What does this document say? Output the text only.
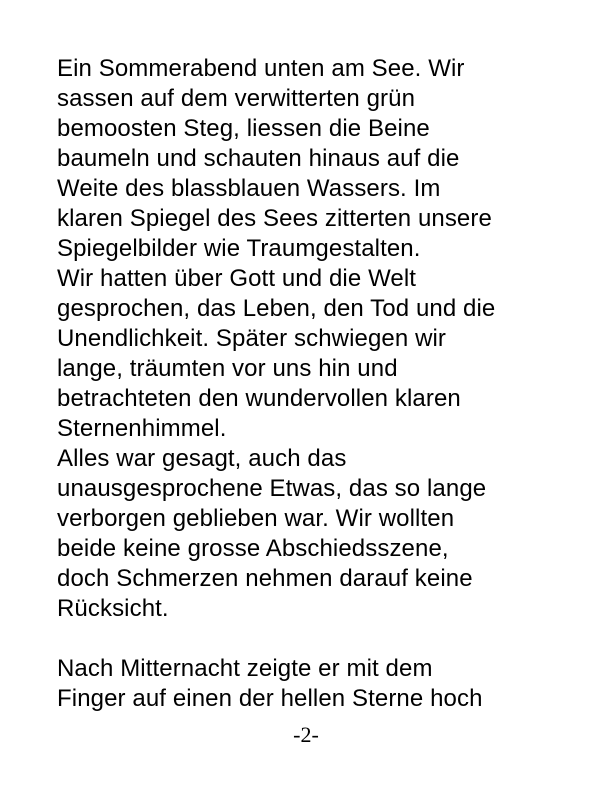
Ein Sommerabend unten am See. Wir
sassen auf dem verwitterten grün
bemoosten Steg, liessen die Beine
baumeln und schauten hinaus auf die
Weite des blassblauen Wassers. Im
klaren Spiegel des Sees zitterten unsere
Spiegelbilder wie Traumgestalten.
Wir hatten über Gott und die Welt
gesprochen, das Leben, den Tod und die
Unendlichkeit. Später schwiegen wir
lange, träumten vor uns hin und
betrachteten den wundervollen klaren
Sternenhimmel.
Alles war gesagt, auch das
unausgesprochene Etwas, das so lange
verborgen geblieben war. Wir wollten
beide keine grosse Abschiedsszene,
doch Schmerzen nehmen darauf keine
Rücksicht.
Nach Mitternacht zeigte er mit dem
Finger auf einen der hellen Sterne hoch
-2-
